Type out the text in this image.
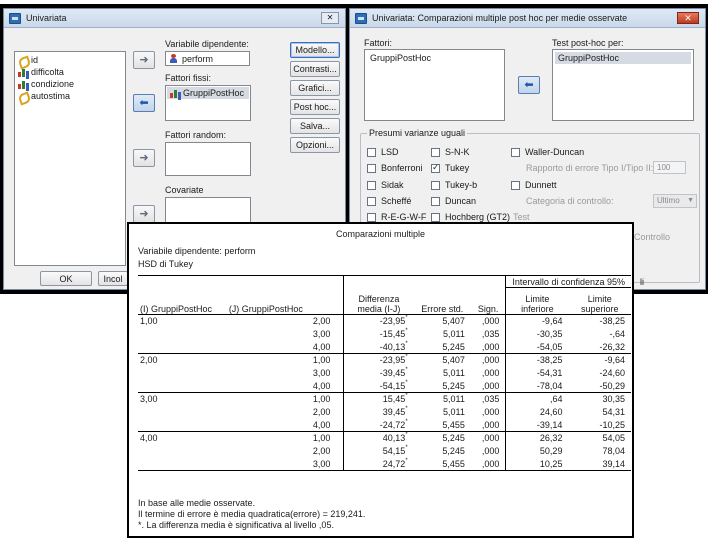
Univariata	✕
id
difficolta
condizione
autostima
➜
⬅
➜
➜
Variabile dipendente:
perform
Fattori fissi:
GruppiPostHoc
Fattori random:
Covariate
Modello...
Contrasti...
Grafici...
Post hoc...
Salva...
Opzioni...
OK	Incol
Univariata: Comparazioni multiple post hoc per medie osservate	✕
Fattori:
GruppiPostHoc
⬅
Test post-hoc per:
GruppiPostHoc
Presumi varianze uguali
LSD
Bonferroni
Sidak
Scheffé
R-E-G-W-F
S-N-K
✓
Tukey
Tukey-b
Duncan
Hochberg (GT2)
Waller-Duncan
Rapporto di errore Tipo I/Tipo II: 100
Dunnett
Categoria di controllo:	Ultimo ▼
Test
Controllo
li
Comparazioni multiple
Variabile dipendente: perform
HSD di Tukey
					Intervallo di confidenza 95%	

(I) GruppiPostHoc	(J) GruppiPostHoc	Differenza media (I-J)	Errore std.	Sign.	Limite inferiore	Limite superiore
1,00	2,00	-23,95*	5,407	,000	-9,64	-38,25
	3,00	-15,45*	5,011	,035	-30,35	-,64
	4,00	-40,13*	5,245	,000	-54,05	-26,32
2,00	1,00	-23,95*	5,407	,000	-38,25	-9,64
	3,00	-39,45*	5,011	,000	-54,31	-24,60
	4,00	-54,15*	5,245	,000	-78,04	-50,29
3,00	1,00	15,45*	5,011	,035	,64	30,35
	2,00	39,45*	5,011	,000	24,60	54,31
	4,00	-24,72*	5,455	,000	-39,14	-10,25
4,00	1,00	40,13*	5,245	,000	26,32	54,05
	2,00	54,15*	5,245	,000	50,29	78,04
	3,00	24,72*	5,455	,000	10,25	39,14
In base alle medie osservate.
Il termine di errore è media quadratica(errore) = 219,241.
*. La differenza media è significativa al livello ,05.
